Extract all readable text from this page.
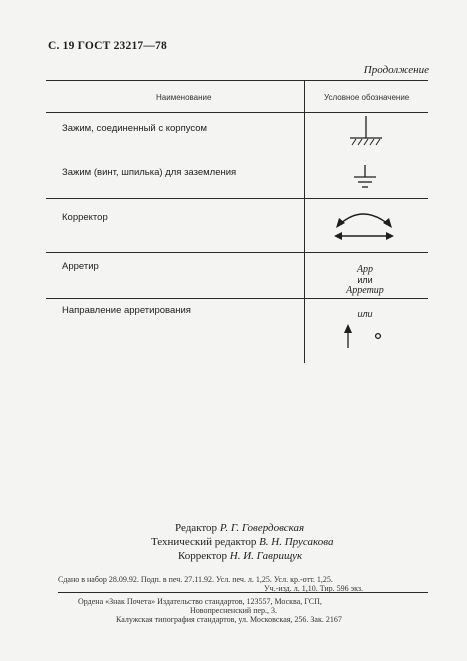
С. 19 ГОСТ 23217—78
Продолжение
Наименование	Условное обозначение
Зажим, соединенный с корпусом
Зажим (винт, шпилька) для заземления
Корректор
Арретир
Направление арретирования
Арр
или
Арретир
или
Редактор Р. Г. Говердовская
Технический редактор В. Н. Прусакова
Корректор Н. И. Гаврищук
Сдано в набор 28.09.92. Подп. в печ. 27.11.92. Усл. печ. л. 1,25. Усл. кр.-отт. 1,25.
Уч.-изд. л. 1,10. Тир. 596 экз.
Ордена «Знак Почета» Издательство стандартов, 123557, Москва, ГСП,
Новопресненский пер., 3.
Калужская типография стандартов, ул. Московская, 256. Зак. 2167
